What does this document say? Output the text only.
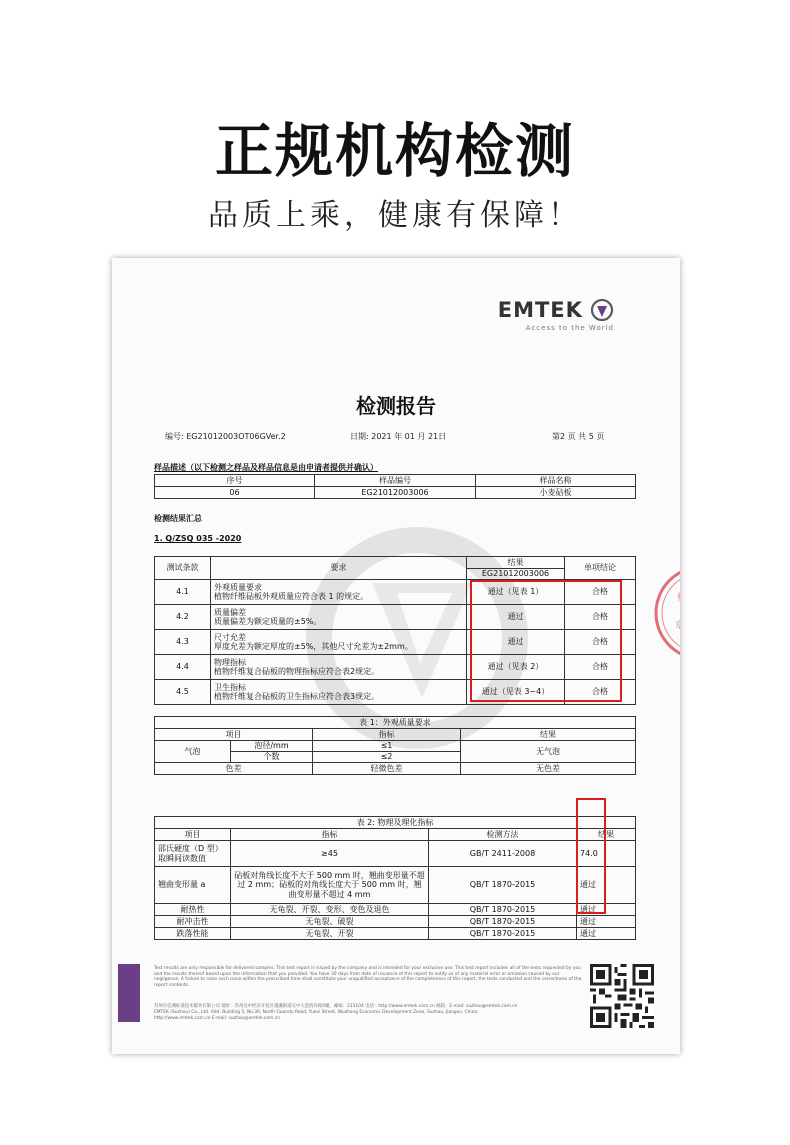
正规机构检测
品质上乘，健康有保障！
EMTEK
Access to the World
检测报告
编号: EG21012003OT06GVer.2	日期: 2021 年 01 月 21日	第2 页 共 5 页
样品描述（以下检测之样品及样品信息是由申请者提供并确认）
序号	样品编号	样品名称
06	EG21012003006	小麦砧板
检测结果汇总
1. Q/ZSQ 035 -2020
测试条款	要求	结果	单项结论
		EG21012003006	
4.1	外观质量要求
植物纤维砧板外观质量应符合表 1 的规定。	通过（见表 1）	合格
4.2	质量偏差
质量偏差为额定质量的±5%。	通过	合格
4.3	尺寸允差
厚度允差为额定厚度的±5%，其他尺寸允差为±2mm。	通过	合格
4.4	物理指标
植物纤维复合砧板的物理指标应符合表2规定。	通过（见表 2）	合格
4.5	卫生指标
植物纤维复合砧板的卫生指标应符合表3规定。	通过（见表 3~4）	合格
表 1：外观质量要求			
项目		指标	结果
气泡	泡径/mm	≤1	无气泡
	个数	≤2	
色差		轻微色差	无色差
表 2: 物理及理化指标			
项目	指标	检测方法	结果
邵氏硬度（D 型）取瞬间读数值	≥45	GB/T 2411-2008	74.0
翘曲变形量 a	砧板对角线长度不大于 500 mm 时，翘曲变形量不超过 2 mm；砧板的对角线长度大于 500 mm 时，翘曲变形量不超过 4 mm	QB/T 1870-2015	通过
耐热性	无龟裂、开裂、变形、变色及退色	QB/T 1870-2015	通过
耐冲击性	无龟裂、破裂	QB/T 1870-2015	通过
跌落性能	无龟裂、开裂	QB/T 1870-2015	通过
检
章
Test results are only responsible for delivered samples. This test report is issued by the company and is intended for your exclusive use. This test report includes all of the tests requested by you and the results thereof based upon the information that you provided. You have 30 days from date of issuance of this report to notify us of any material error or omission caused by our negligence. A failure to raise such issue within the prescribed time shall constitute your unqualified acceptance of the completeness of this report, the tests conducted and the correctness of the report contents.
苏州市信测标准技术服务有限公司 地址：苏州吴中经济开发区越溪街道吴中大道西环路5幢，邮编：215104 电话：http://www.emtek.com.cn 邮箱：E-mail: suzhou@emtek.com.cn
EMTEK (Suzhou) Co., Ltd. Add: Building 5, No.36, North Guandu Road, Yuexi Street, Wuzhong Economic Development Zone, Suzhou, Jiangsu, China.
http://www.emtek.com.cn E-mail: suzhou@emtek.com.cn
